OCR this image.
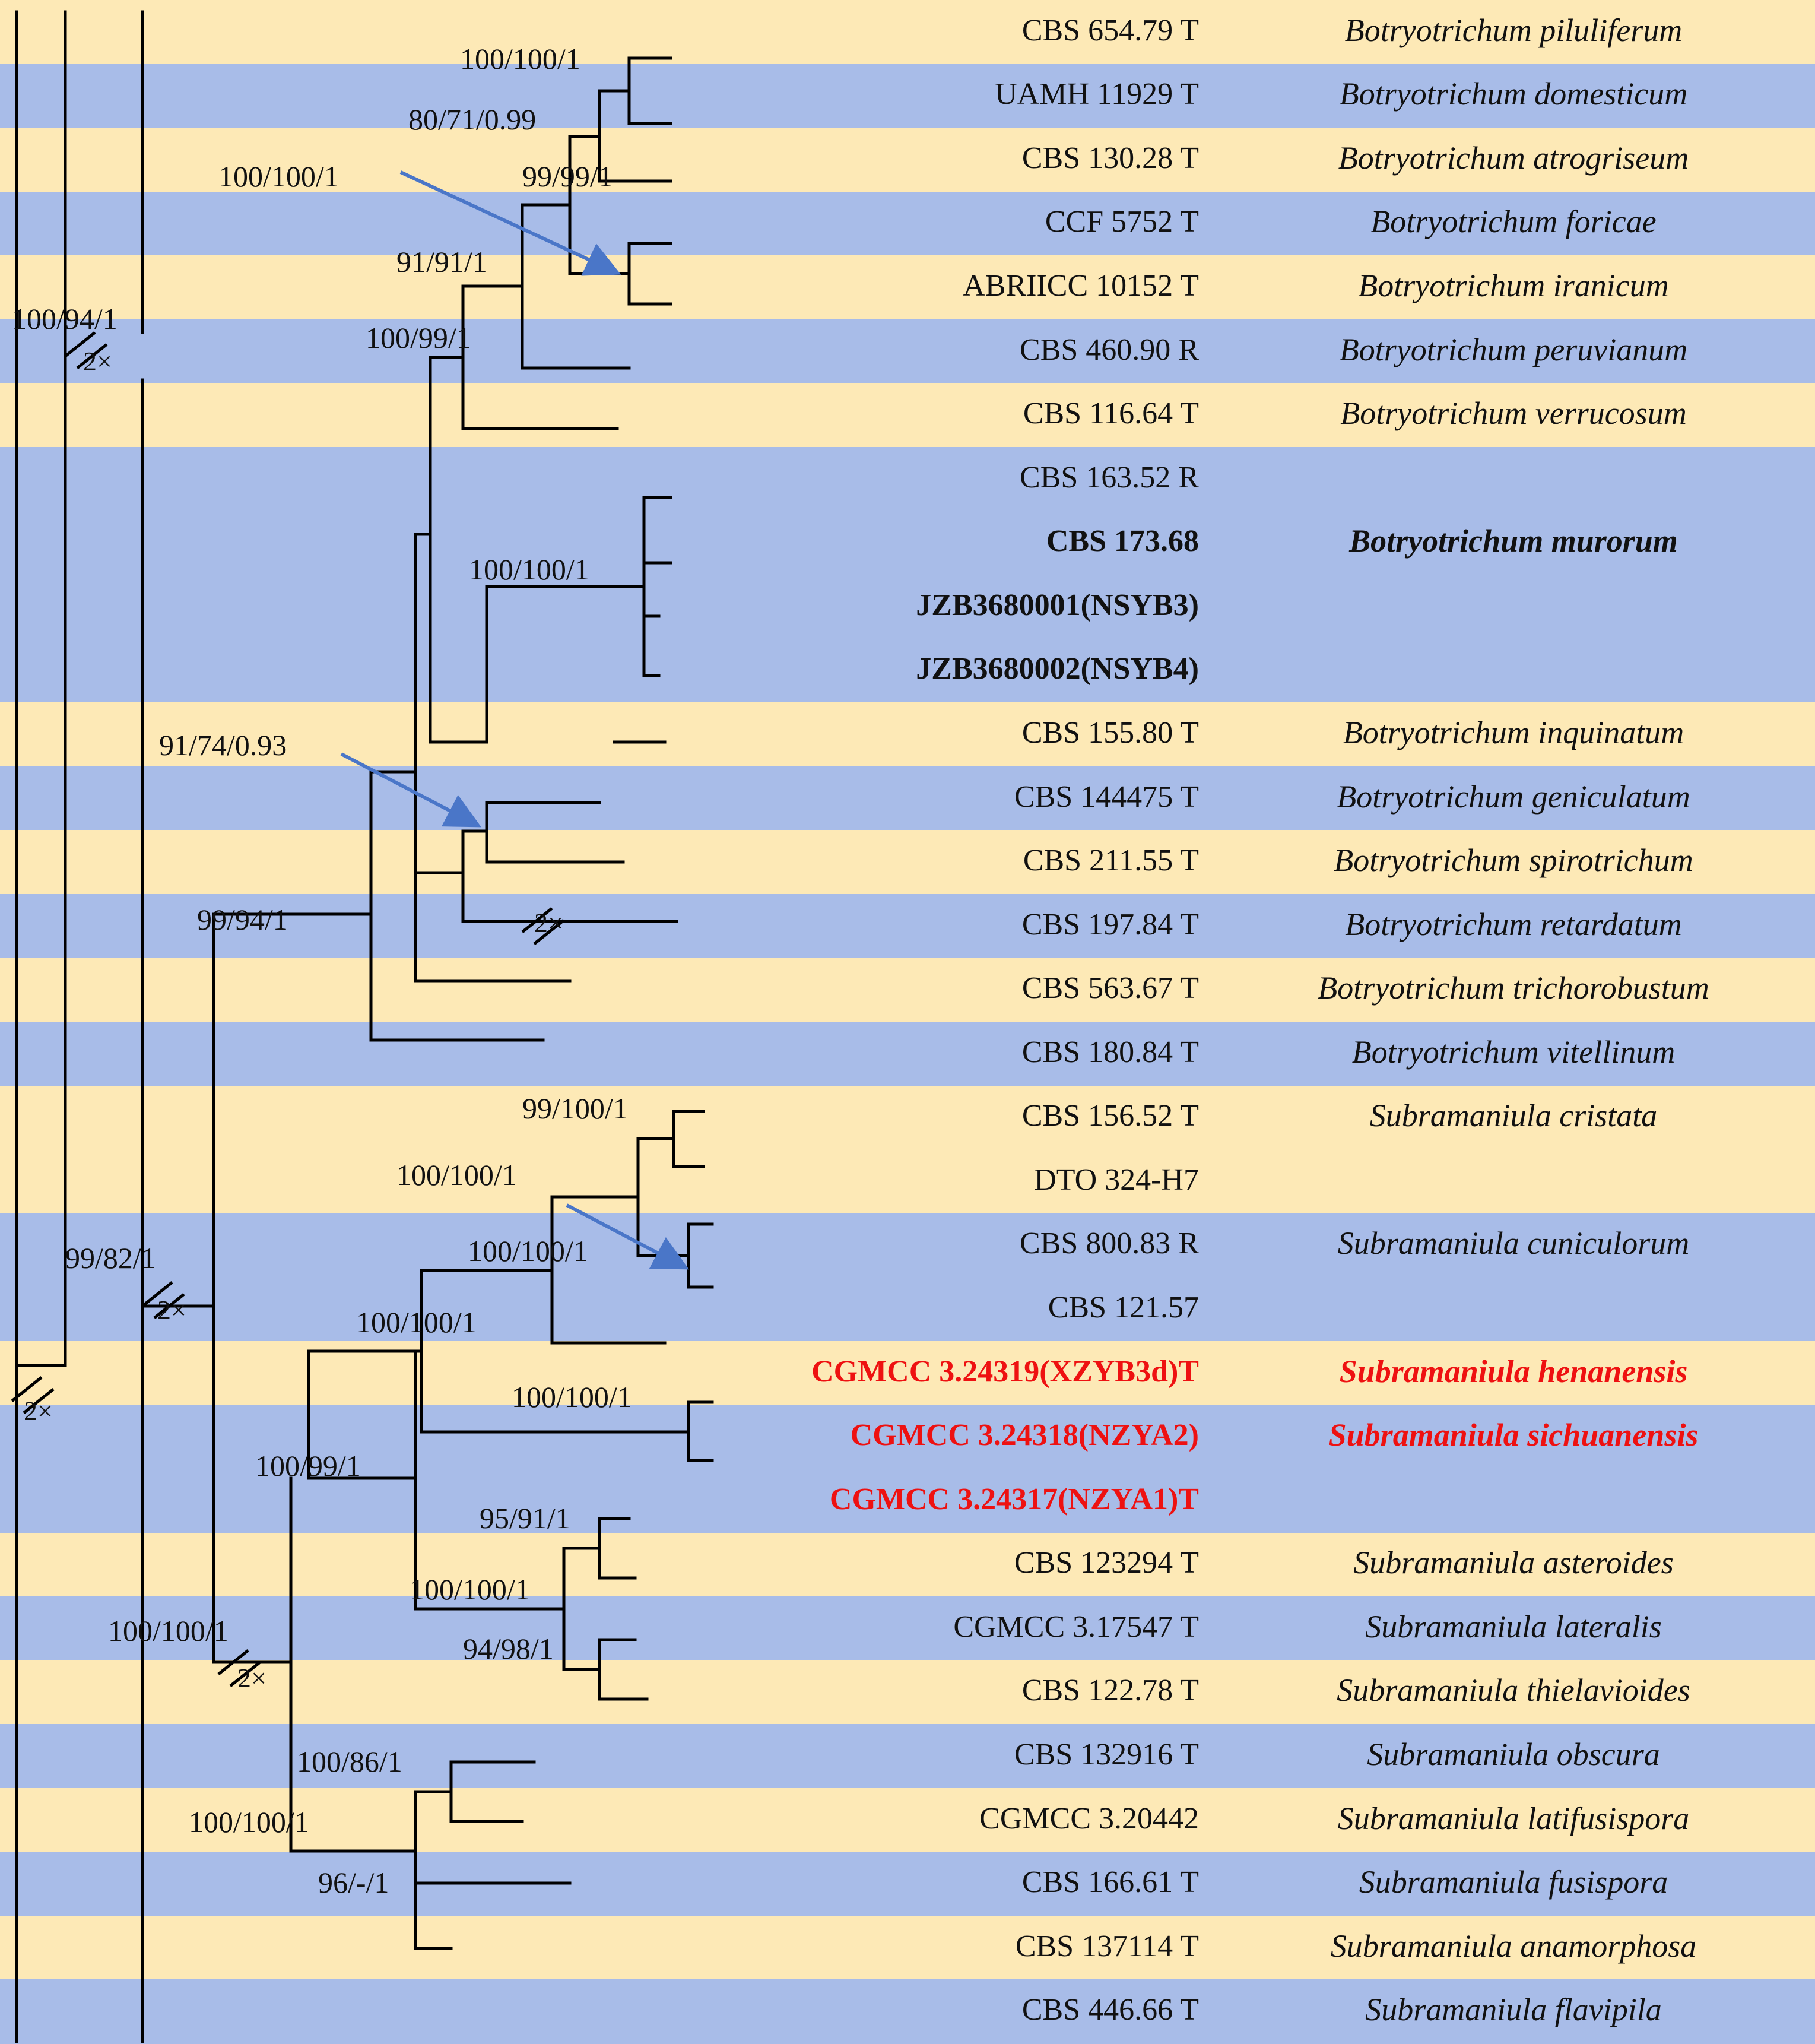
CBS 654.79 T
UAMH 11929 T
CBS 130.28 T
CCF 5752 T
ABRIICC 10152 T
CBS 460.90 R
CBS 116.64 T
CBS 163.52 R
CBS 173.68
JZB3680001(NSYB3)
JZB3680002(NSYB4)
CBS 155.80 T
CBS 144475 T
CBS 211.55 T
CBS 197.84 T
CBS 563.67 T
CBS 180.84 T
CBS 156.52 T
DTO 324-H7
CBS 800.83 R
CBS 121.57
CGMCC 3.24319(XZYB3d)T
CGMCC 3.24318(NZYA2)
CGMCC 3.24317(NZYA1)T
CBS 123294 T
CGMCC 3.17547 T
CBS 122.78 T
CBS 132916 T
CGMCC 3.20442
CBS 166.61 T
CBS 137114 T
CBS 446.66 T
Botryotrichum piluliferum
Botryotrichum domesticum
Botryotrichum atrogriseum
Botryotrichum foricae
Botryotrichum iranicum
Botryotrichum peruvianum
Botryotrichum verrucosum
Botryotrichum murorum
Botryotrichum inquinatum
Botryotrichum geniculatum
Botryotrichum spirotrichum
Botryotrichum retardatum
Botryotrichum trichorobustum
Botryotrichum vitellinum
Subramaniula cristata
Subramaniula cuniculorum
Subramaniula henanensis
Subramaniula sichuanensis
Subramaniula asteroides
Subramaniula lateralis
Subramaniula thielavioides
Subramaniula obscura
Subramaniula latifusispora
Subramaniula fusispora
Subramaniula anamorphosa
Subramaniula flavipila
100/100/1
80/71/0.99
99/99/1
100/100/1
91/91/1
100/99/1
100/94/1
100/100/1
91/74/0.93
99/94/1
99/100/1
100/100/1
100/100/1
100/100/1
100/100/1
99/82/1
100/99/1
95/91/1
100/100/1
94/98/1
100/100/1
100/86/1
100/100/1
96/-/1
2×
2×
2×
2×
2×
